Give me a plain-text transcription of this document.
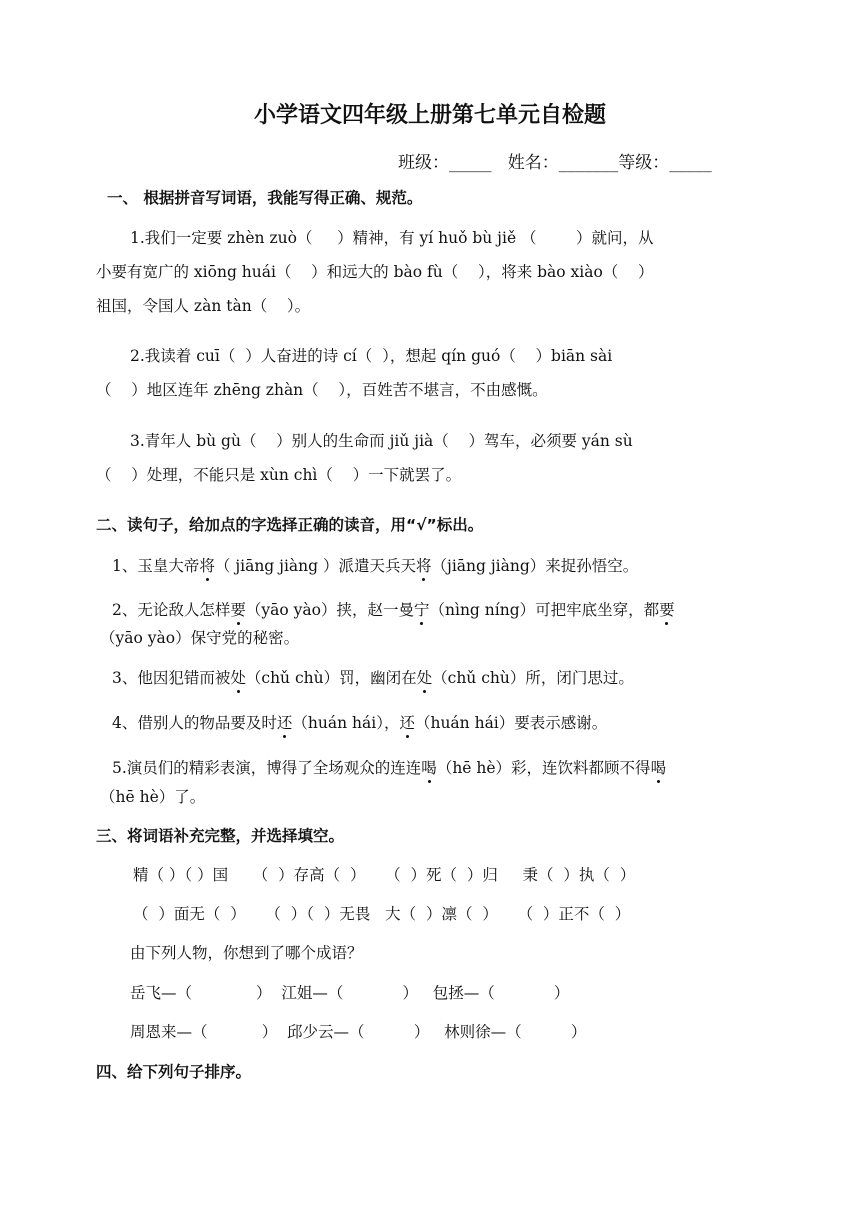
小学语文四年级上册第七单元自检题
班级：_____   姓名：_______等级：_____
一、 根据拼音写词语，我能写得正确、规范。
1.我们一定要 zhèn zuò（     ）精神，有 yí huǒ bù jiě （        ）就问，从
小要有宽广的 xiōng huái（    ）和远大的 bào fù（    ），将来 bào xiào（    ）
祖国，令国人 zàn tàn（    ）。
2.我读着 cuī（  ）人奋进的诗 cí（  ），想起 qín guó（    ）biān sài
（    ）地区连年 zhēng zhàn（    ），百姓苦不堪言，不由感慨。
3.青年人 bù gù（    ）别人的生命而 jiǔ jià（    ）驾车，必须要 yán sù
（    ）处理，不能只是 xùn chì（    ）一下就罢了。
二、读句子，给加点的字选择正确的读音，用“√”标出。
1、玉皇大帝将（ jiāng jiàng ）派遣天兵天将（jiāng jiàng）来捉孙悟空。
2、无论敌人怎样要（yāo yào）挟，赵一曼宁（nìng níng）可把牢底坐穿，都要
（yāo yào）保守党的秘密。
3、他因犯错而被处（chǔ chù）罚，幽闭在处（chǔ chù）所，闭门思过。
4、借别人的物品要及时还（huán hái），还（huán hái）要表示感谢。
5.演员们的精彩表演，博得了全场观众的连连喝（hē hè）彩，连饮料都顾不得喝
（hē hè）了。
三、将词语补充完整，并选择填空。
精（ ）（ ）国     （  ）存高（  ）    （  ）死（  ）归     秉（  ）执（  ）
（  ）面无（  ）    （  ）（  ）无畏   大（  ）凛（  ）    （  ）正不（  ）
由下列人物，你想到了哪个成语？
岳飞—（             ）  江姐—（            ）   包拯—（            ）
周恩来—（           ）  邱少云—（          ）   林则徐—（          ）
四、给下列句子排序。
